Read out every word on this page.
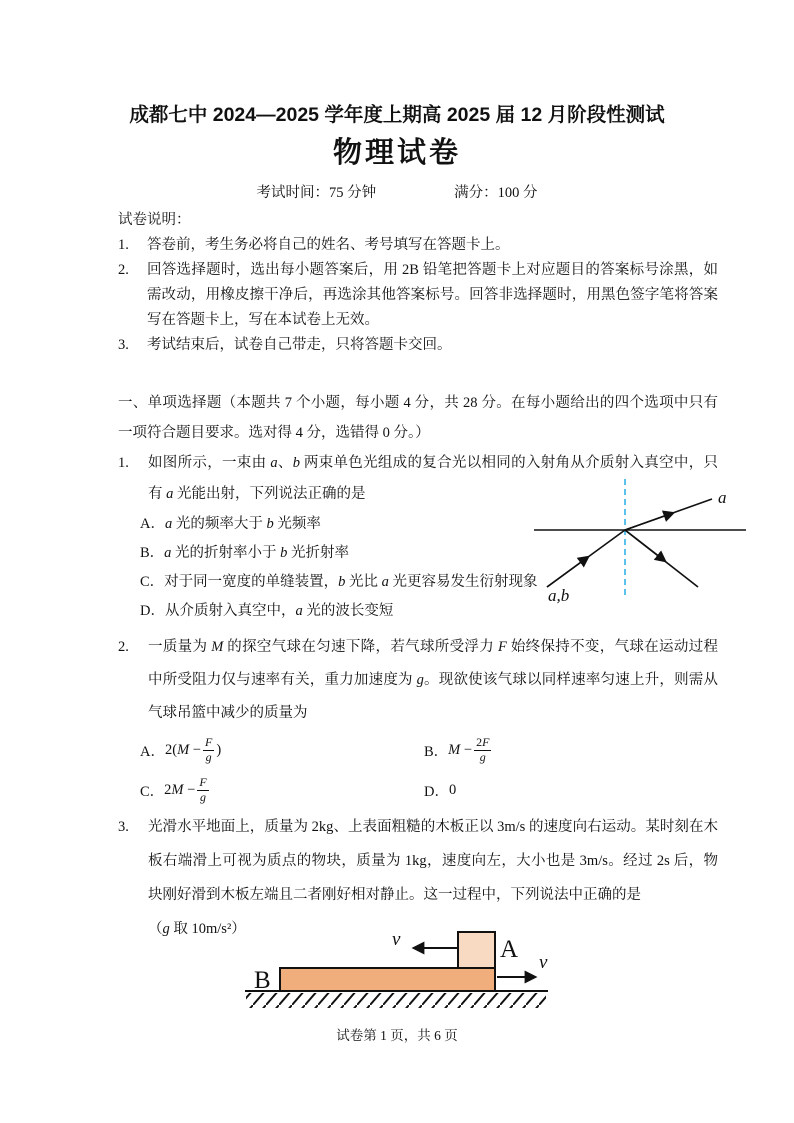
成都七中 2024—2025 学年度上期高 2025 届 12 月阶段性测试
物理试卷
考试时间：75 分钟	满分：100 分
试卷说明：
1.	答卷前，考生务必将自己的姓名、考号填写在答题卡上。
2.	回答选择题时，选出每小题答案后，用 2B 铅笔把答题卡上对应题目的答案标号涂黑，如需改动，用橡皮擦干净后，再选涂其他答案标号。回答非选择题时，用黑色签字笔将答案写在答题卡上，写在本试卷上无效。
3.	考试结束后，试卷自己带走，只将答题卡交回。
一、单项选择题（本题共 7 个小题，每小题 4 分，共 28 分。在每小题给出的四个选项中只有一项符合题目要求。选对得 4 分，选错得 0 分。）
1.	如图所示，一束由 a、b 两束单色光组成的复合光以相同的入射角从介质射入真空中，只有 a 光能出射，下列说法正确的是
A． a 光的频率大于 b 光频率
B． a 光的折射率小于 b 光折射率
C． 对于同一宽度的单缝装置，b 光比 a 光更容易发生衍射现象
D． 从介质射入真空中，a 光的波长变短
a
a,b
2.	一质量为 M 的探空气球在匀速下降，若气球所受浮力 F 始终保持不变，气球在运动过程中所受阻力仅与速率有关，重力加速度为 g。现欲使该气球以同样速率匀速上升，则需从气球吊篮中减少的质量为
A． $2(M - \frac{F}{g}$ )	B． $M - \frac{2F}{g}$
C． $2M - \frac{F}{g}$	D． 0
3.	光滑水平地面上，质量为 2kg、上表面粗糙的木板正以 3m/s 的速度向右运动。某时刻在木板右端滑上可视为质点的物块，质量为 1kg，速度向左，大小也是 3m/s。经过 2s 后，物块刚好滑到木板左端且二者刚好相对静止。这一过程中，下列说法中正确的是
（g 取 10m/s²）
B
A
v
v
试卷第 1 页，共 6 页
